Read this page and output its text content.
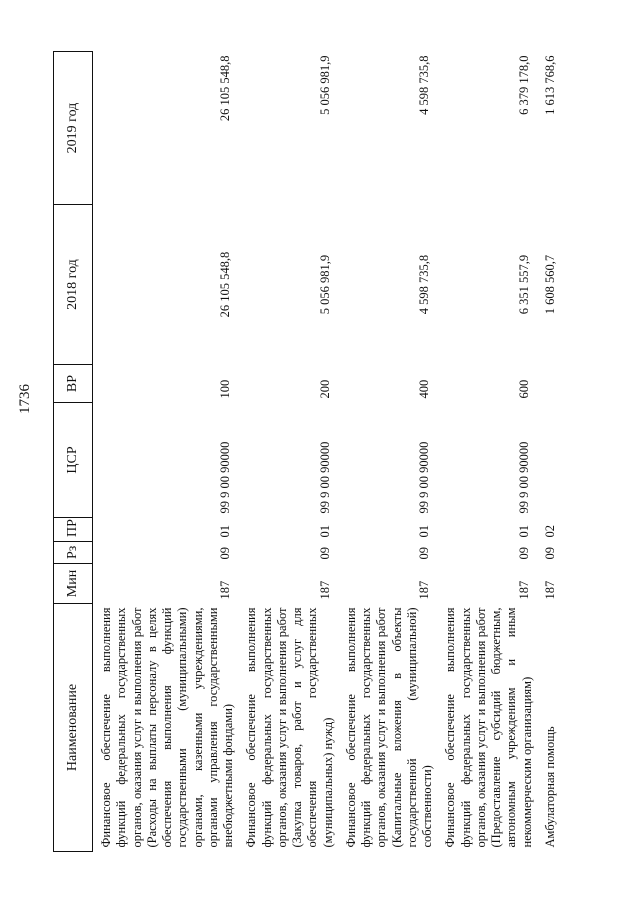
1736
Наименование	Мин	Рз	ПР	ЦСР	ВР	2018 год	2019 год
Финансовое обеспечение выполнения функций федеральных государственных органов, оказания услуг и выполнения работ (Расходы на выплаты персоналу в целях обеспечения выполнения функций государственными (муниципальными) органами, казенными учреждениями, органами управления государственными внебюджетными фондами)	187	09	01	99 9 00 90000	100	26 105 548,8	26 105 548,8
Финансовое обеспечение выполнения функций федеральных государственных органов, оказания услуг и выполнения работ (Закупка товаров, работ и услуг для обеспечения государственных (муниципальных) нужд)	187	09	01	99 9 00 90000	200	5 056 981,9	5 056 981,9
Финансовое обеспечение выполнения функций федеральных государственных органов, оказания услуг и выполнения работ (Капитальные вложения в объекты государственной (муниципальной) собственности)	187	09	01	99 9 00 90000	400	4 598 735,8	4 598 735,8
Финансовое обеспечение выполнения функций федеральных государственных органов, оказания услуг и выполнения работ (Предоставление субсидий бюджетным, автономным учреждениям и иным некоммерческим организациям)	187	09	01	99 9 00 90000	600	6 351 557,9	6 379 178,0
Амбулаторная помощь	187	09	02			1 608 560,7	1 613 768,6
